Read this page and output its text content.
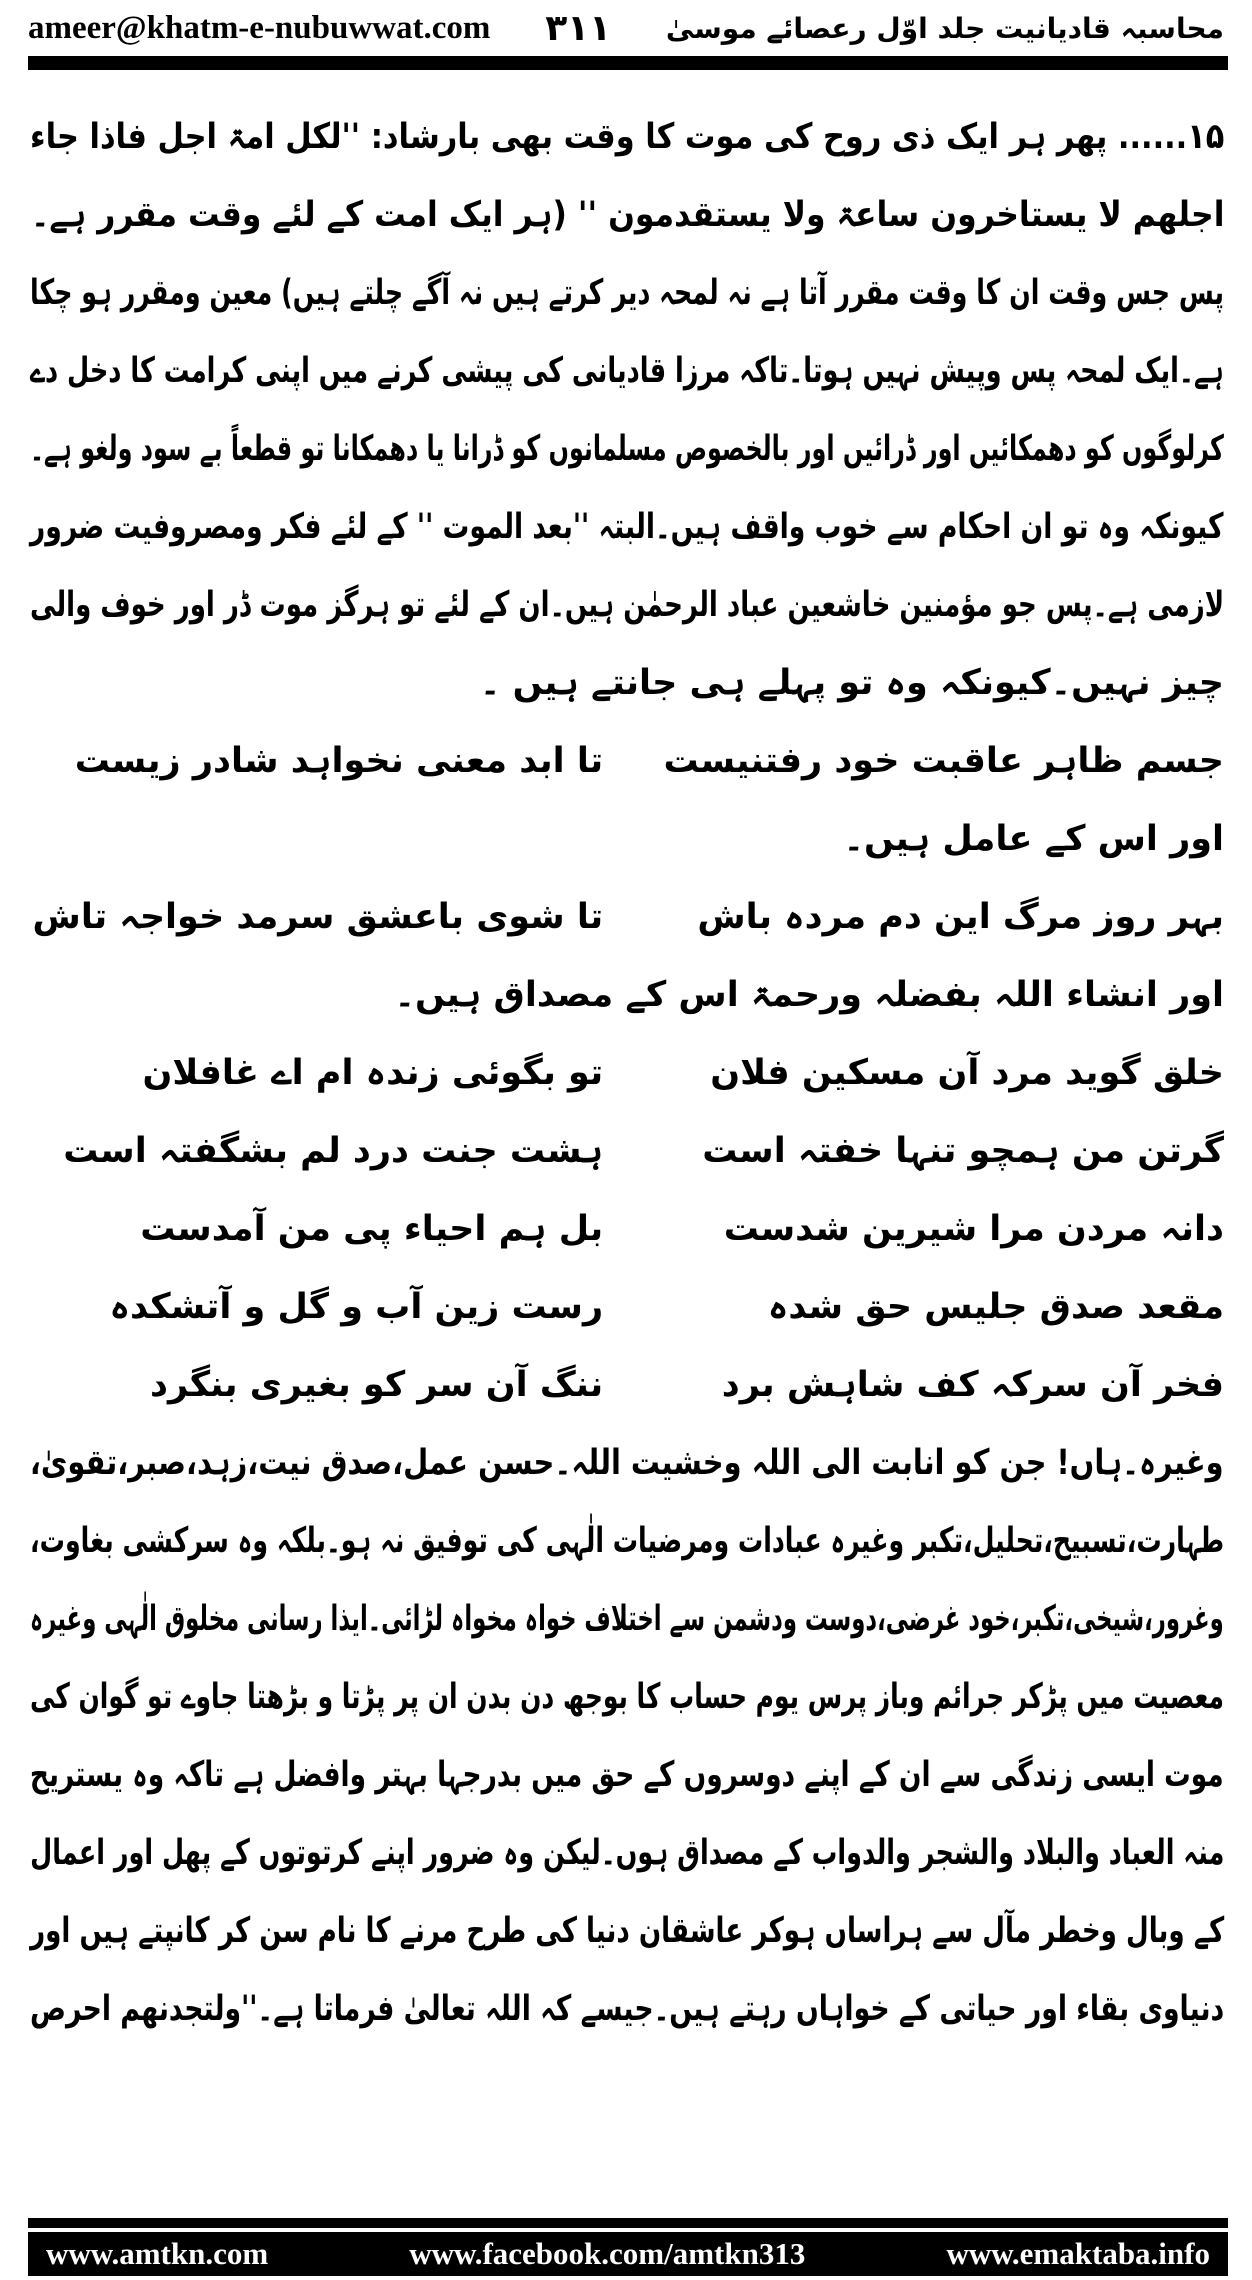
ameer@khatm-e-nubuwwat.com ۳۱۱ محاسبہ قادیانیت جلد اوّل رعصائے موسیٰ
۱۵...... پھر ہر ایک ذی روح کی موت کا وقت بھی بارشاد: ''لکل امۃ اجل فاذا جاء
اجلھم لا یستاخرون ساعۃ ولا یستقدمون '' (ہر ایک امت کے لئے وقت مقرر ہے۔
پس جس وقت ان کا وقت مقرر آتا ہے نہ لمحہ دیر کرتے ہیں نہ آگے چلتے ہیں) معین ومقرر ہو چکا
ہے۔ایک لمحہ پس وپیش نہیں ہوتا۔تاکہ مرزا قادیانی کی پیشی کرنے میں اپنی کرامت کا دخل دے
کرلوگوں کو دھمکائیں اور ڈرائیں اور بالخصوص مسلمانوں کو ڈرانا یا دھمکانا تو قطعاً بے سود ولغو ہے۔
کیونکہ وہ تو ان احکام سے خوب واقف ہیں۔البتہ ''بعد الموت '' کے لئے فکر ومصروفیت ضرور
لازمی ہے۔پس جو مؤمنین خاشعین عباد الرحمٰن ہیں۔ان کے لئے تو ہرگز موت ڈر اور خوف والی
چیز نہیں۔کیونکہ وہ تو پہلے ہی جانتے ہیں ۔
جسم ظاہر عاقبت خود رفتنیست
تا ابد معنی نخواہد شادر زیست
اور اس کے عامل ہیں۔
بہر روز مرگ این دم مردہ باش
تا شوی باعشق سرمد خواجہ تاش
اور انشاء اللہ بفضلہ ورحمۃ اس کے مصداق ہیں۔
خلق گوید مرد آن مسکین فلان
تو بگوئی زندہ ام اے غافلان
گرتن من ہمچو تنہا خفتہ است
ہشت جنت درد لم بشگفتہ است
دانہ مردن مرا شیرین شدست
بل ہم احیاء پی من آمدست
مقعد صدق جلیس حق شدہ
رست زین آب و گل و آتشکدہ
فخر آن سرکہ کف شاہش برد
ننگ آن سر کو بغیری بنگرد
وغیرہ۔ہاں! جن کو انابت الی اللہ وخشیت اللہ۔حسن عمل،صدق نیت،زہد،صبر،تقویٰ،
طہارت،تسبیح،تحلیل،تکبر وغیرہ عبادات ومرضیات الٰہی کی توفیق نہ ہو۔بلکہ وہ سرکشی بغاوت،
وغرور،شیخی،تکبر،خود غرضی،دوست ودشمن سے اختلاف خواہ مخواہ لڑائی۔ایذا رسانی مخلوق الٰہی وغیرہ
معصیت میں پڑکر جرائم وباز پرس یوم حساب کا بوجھ دن بدن ان پر پڑتا و بڑھتا جاوے تو گوان کی
موت ایسی زندگی سے ان کے اپنے دوسروں کے حق میں بدرجہا بہتر وافضل ہے تاکہ وہ یستریح
منہ العباد والبلاد والشجر والدواب کے مصداق ہوں۔لیکن وہ ضرور اپنے کرتوتوں کے پھل اور اعمال
کے وبال وخطر مآل سے ہراساں ہوکر عاشقان دنیا کی طرح مرنے کا نام سن کر کانپتے ہیں اور
دنیاوی بقاء اور حیاتی کے خواہاں رہتے ہیں۔جیسے کہ اللہ تعالیٰ فرماتا ہے۔''ولتجدنھم احرص
www.amtkn.com	www.facebook.com/amtkn313	www.emaktaba.info
